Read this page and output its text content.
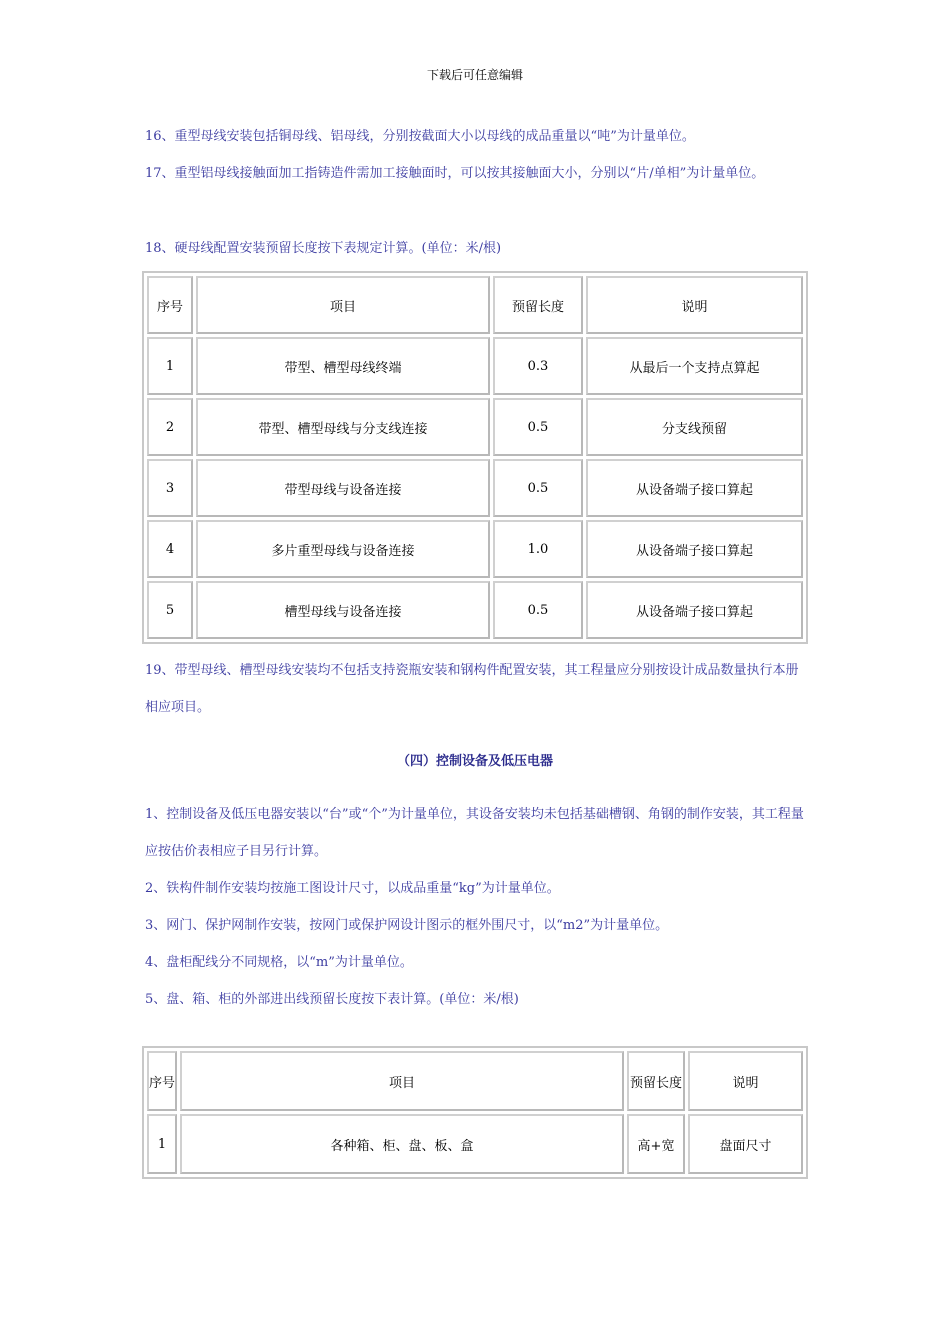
下载后可任意编辑

16、重型母线安装包括铜母线、铝母线，分别按截面大小以母线的成品重量以“吨”为计量单位。

17、重型铝母线接触面加工指铸造件需加工接触面时，可以按其接触面大小，分别以“片/单相”为计量单位。

18、硬母线配置安装预留长度按下表规定计算。(单位：米/根)

序号	项目	预留长度	说明
1	带型、槽型母线终端	0.3	从最后一个支持点算起
2	带型、槽型母线与分支线连接	0.5	分支线预留
3	带型母线与设备连接	0.5	从设备端子接口算起
4	多片重型母线与设备连接	1.0	从设备端子接口算起
5	槽型母线与设备连接	0.5	从设备端子接口算起

19、带型母线、槽型母线安装均不包括支持瓷瓶安装和钢构件配置安装，其工程量应分别按设计成品数量执行本册相应项目。

（四）控制设备及低压电器

1、控制设备及低压电器安装以“台”或“个”为计量单位，其设备安装均未包括基础槽钢、角钢的制作安装，其工程量应按估价表相应子目另行计算。

2、铁构件制作安装均按施工图设计尺寸，以成品重量“kg”为计量单位。

3、网门、保护网制作安装，按网门或保护网设计图示的框外围尺寸，以“m2”为计量单位。

4、盘柜配线分不同规格，以“m”为计量单位。

5、盘、箱、柜的外部进出线预留长度按下表计算。(单位：米/根)

序号	项目	预留长度	说明
1	各种箱、柜、盘、板、盒	高+宽	盘面尺寸
